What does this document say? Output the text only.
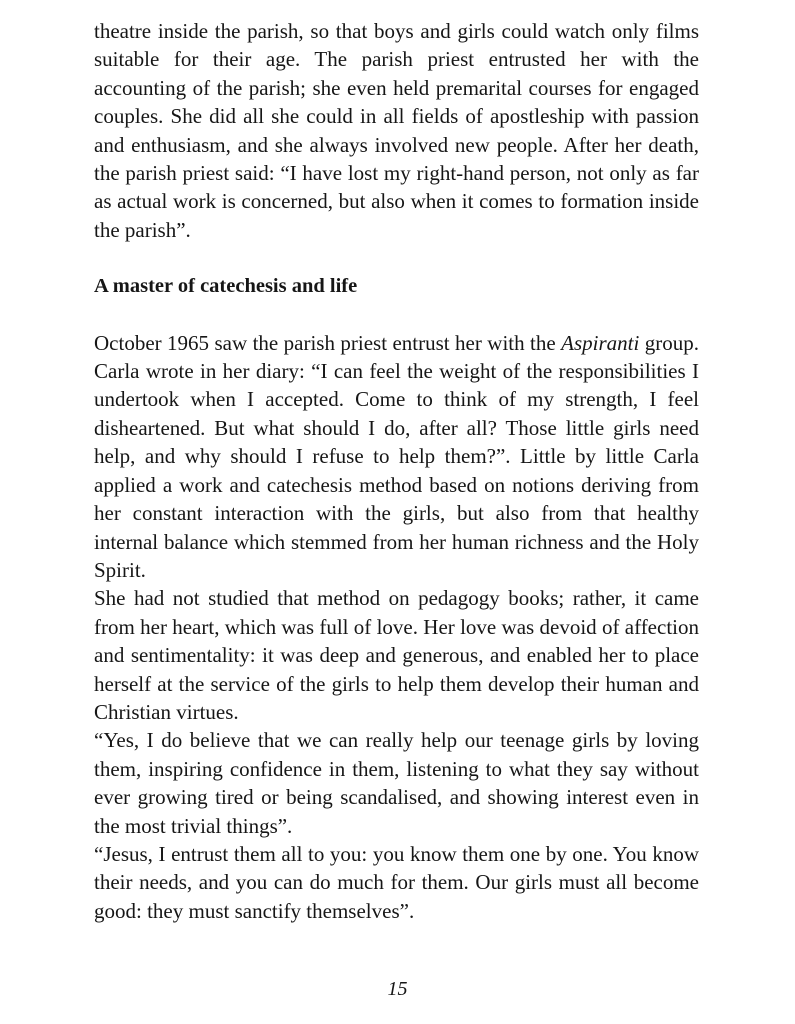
theatre inside the parish, so that boys and girls could watch only films suitable for their age. The parish priest entrusted her with the accounting of the parish; she even held premarital courses for engaged couples. She did all she could in all fields of apostleship with passion and enthusiasm, and she always involved new people. After her death, the parish priest said: “I have lost my right-hand person, not only as far as actual work is concerned, but also when it comes to formation inside the parish”.

A master of catechesis and life

October 1965 saw the parish priest entrust her with the Aspiranti group. Carla wrote in her diary: “I can feel the weight of the responsibilities I undertook when I accepted. Come to think of my strength, I feel disheartened. But what should I do, after all? Those little girls need help, and why should I refuse to help them?”. Little by little Carla applied a work and catechesis method based on notions deriving from her constant interaction with the girls, but also from that healthy internal balance which stemmed from her human richness and the Holy Spirit.

She had not studied that method on pedagogy books; rather, it came from her heart, which was full of love. Her love was devoid of affection and sentimentality: it was deep and generous, and enabled her to place herself at the service of the girls to help them develop their human and Christian virtues.

“Yes, I do believe that we can really help our teenage girls by loving them, inspiring confidence in them, listening to what they say without ever growing tired or being scandalised, and showing interest even in the most trivial things”.

“Jesus, I entrust them all to you: you know them one by one. You know their needs, and you can do much for them. Our girls must all become good: they must sanctify themselves”.

15
